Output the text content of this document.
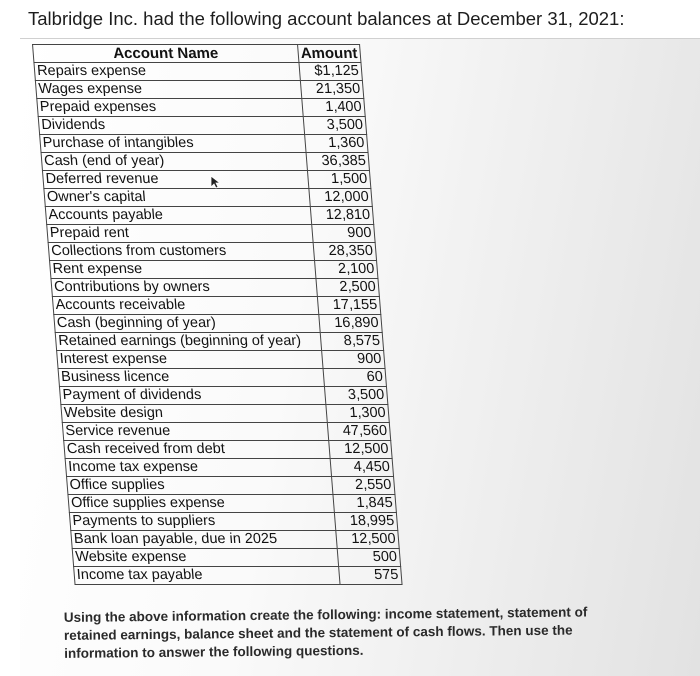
Talbridge Inc. had the following account balances at December 31, 2021:
Account Name	Amount
Repairs expense	$1,125
Wages expense	21,350
Prepaid expenses	1,400
Dividends	3,500
Purchase of intangibles	1,360
Cash (end of year)	36,385
Deferred revenue	1,500
Owner's capital	12,000
Accounts payable	12,810
Prepaid rent	900
Collections from customers	28,350
Rent expense	2,100
Contributions by owners	2,500
Accounts receivable	17,155
Cash (beginning of year)	16,890
Retained earnings (beginning of year)	8,575
Interest expense	900
Business licence	60
Payment of dividends	3,500
Website design	1,300
Service revenue	47,560
Cash received from debt	12,500
Income tax expense	4,450
Office supplies	2,550
Office supplies expense	1,845
Payments to suppliers	18,995
Bank loan payable, due in 2025	12,500
Website expense	500
Income tax payable	575
Using the above information create the following: income statement, statement of retained earnings, balance sheet and the statement of cash flows. Then use the information to answer the following questions.
